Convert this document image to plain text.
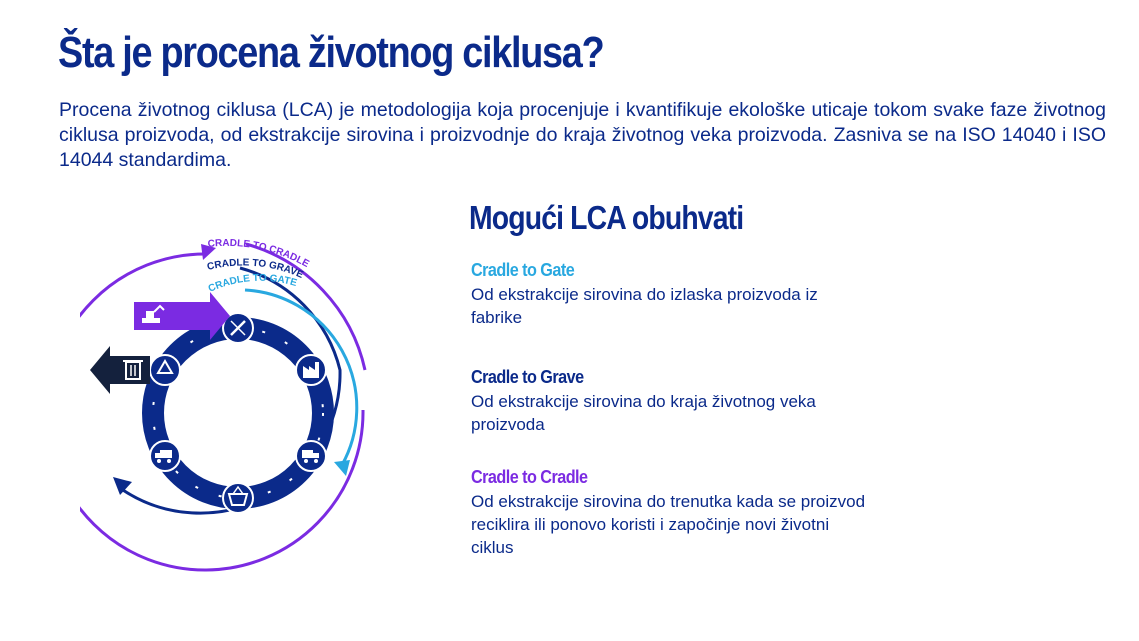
Šta je procena životnog ciklusa?

Procena životnog ciklusa (LCA) je metodologija koja procenjuje i kvantifikuje ekološke uticaje tokom svake faze životnog ciklusa proizvoda, od ekstrakcije sirovina i proizvodnje do kraja životnog veka proizvoda. Zasniva se na ISO 14040 i ISO 14044 standardima.

CRADLE TO CRADLE
CRADLE TO GRAVE
CRADLE TO GATE
Mogući LCA obuhvati
Cradle to Gate

Od ekstrakcije sirovina do izlaska proizvoda iz fabrike

Cradle to Grave

Od ekstrakcije sirovina do kraja životnog veka proizvoda

Cradle to Cradle

Od ekstrakcije sirovina do trenutka kada se proizvod reciklira ili ponovo koristi i započinje novi životni ciklus
